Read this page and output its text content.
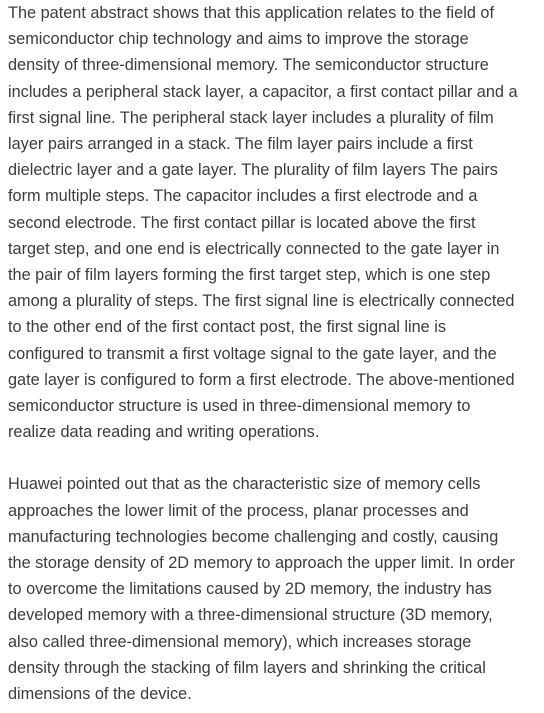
The patent abstract shows that this application relates to the field of
semiconductor chip technology and aims to improve the storage
density of three-dimensional memory. The semiconductor structure
includes a peripheral stack layer, a capacitor, a first contact pillar and a
first signal line. The peripheral stack layer includes a plurality of film
layer pairs arranged in a stack. The film layer pairs include a first
dielectric layer and a gate layer. The plurality of film layers The pairs
form multiple steps. The capacitor includes a first electrode and a
second electrode. The first contact pillar is located above the first
target step, and one end is electrically connected to the gate layer in
the pair of film layers forming the first target step, which is one step
among a plurality of steps. The first signal line is electrically connected
to the other end of the first contact post, the first signal line is
configured to transmit a first voltage signal to the gate layer, and the
gate layer is configured to form a first electrode. The above-mentioned
semiconductor structure is used in three-dimensional memory to
realize data reading and writing operations.

Huawei pointed out that as the characteristic size of memory cells
approaches the lower limit of the process, planar processes and
manufacturing technologies become challenging and costly, causing
the storage density of 2D memory to approach the upper limit. In order
to overcome the limitations caused by 2D memory, the industry has
developed memory with a three-dimensional structure (3D memory,
also called three-dimensional memory), which increases storage
density through the stacking of film layers and shrinking the critical
dimensions of the device.
